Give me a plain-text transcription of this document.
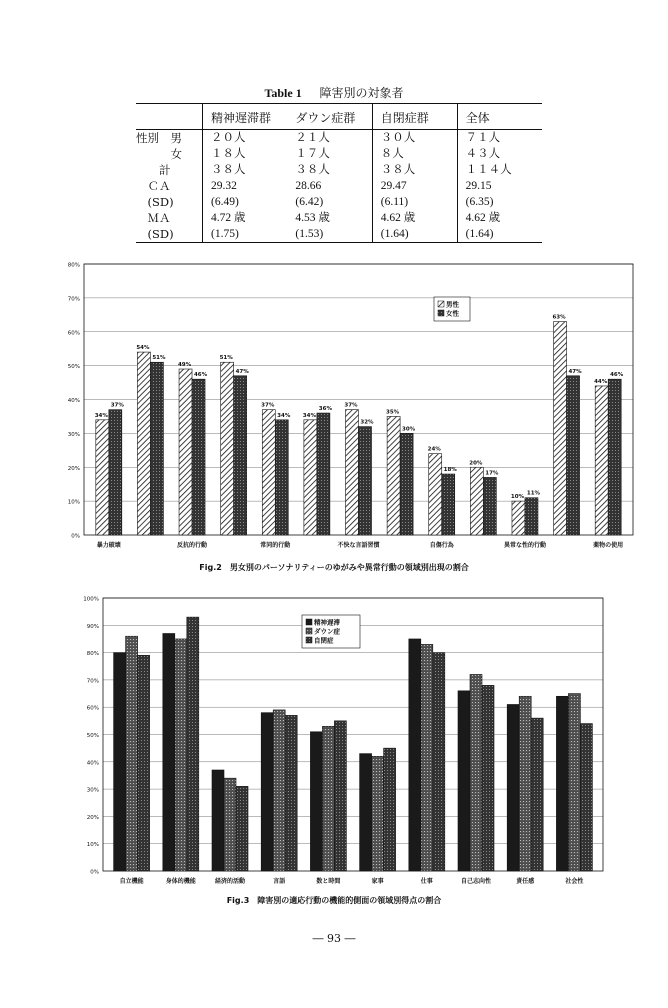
Table 1 障害別の対象者
	精神遅滞群	ダウン症群	自閉症群	全体
性別　男	２０人	２１人	３０人	７１人
　　　女	１８人	１７人	８人	４３人
　　計	３８人	３８人	３８人	１１４人
　ＣＡ	29.32	28.66	29.47	29.15
　(SD)	(6.49)	(6.42)	(6.11)	(6.35)
　ＭＡ	4.72 歳	4.53 歳	4.62 歳	4.62 歳
　(SD)	(1.75)	(1.53)	(1.64)	(1.64)
0%
10%
20%
30%
40%
50%
60%
70%
80%
34%
54%
49%
51%
37%
34%
37%
35%
24%
20%
10%
63%
44%
37%
51%
46%
47%
34%
36%
32%
30%
18%
17%
11%
47%
46%
暴力破壊	反抗的行動	常同的行動	不快な言語習慣	自傷行為	異常な性的行動	薬物の使用
男性
女性
Fig.2　男女別のパーソナリティーのゆがみや異常行動の領域別出現の割合
0%
10%
20%
30%
40%
50%
60%
70%
80%
90%
100%
自立機能	身体的機能	経済的活動	言語	数と時間	家事	仕事	自己志向性	責任感	社会性
精神遅滞
ダウン症
自閉症
Fig.3　障害別の適応行動の機能的側面の領域別得点の割合
― 93 ―
